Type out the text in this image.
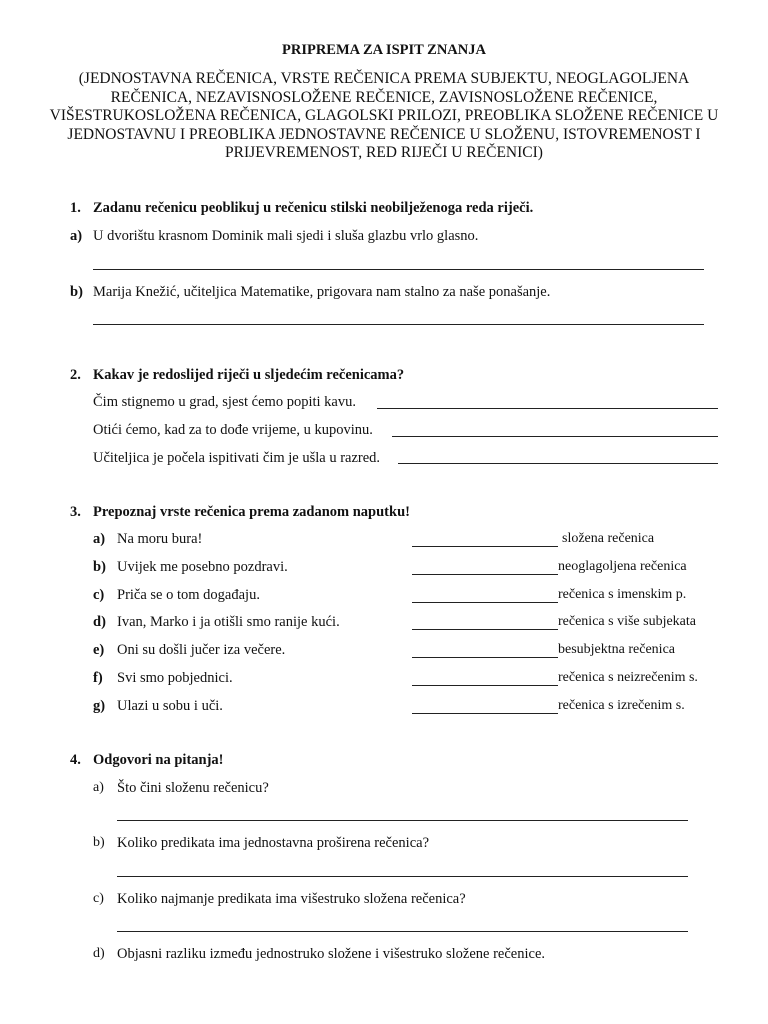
PRIPREMA ZA ISPIT ZNANJA
(JEDNOSTAVNA REČENICA, VRSTE REČENICA PREMA SUBJEKTU, NEOGLAGOLJENA REČENICA, NEZAVISNOSLOŽENE REČENICE, ZAVISNOSLOŽENE REČENICE, VIŠESTRUKOSLOŽENA REČENICA, GLAGOLSKI PRILOZI, PREOBLIKA SLOŽENE REČENICE U JEDNOSTAVNU I PREOBLIKA JEDNOSTAVNE REČENICE U SLOŽENU, ISTOVREMENOST I PRIJEVREMENOST, RED RIJEČI U REČENICI)
1. Zadanu rečenicu peoblikuj u rečenicu stilski neobilježenoga reda riječi.
a) U dvorištu krasnom Dominik mali sjedi i sluša glazbu vrlo glasno.
b) Marija Knežić, učiteljica Matematike, prigovara nam stalno za naše ponašanje.
2. Kakav je redoslijed riječi u sljedećim rečenicama?
Čim stignemo u grad, sjest ćemo popiti kavu.
Otići ćemo, kad za to dođe vrijeme, u kupovinu.
Učiteljica je počela ispitivati čim je ušla u razred.
3. Prepoznaj vrste rečenica prema zadanom naputku!
a) Na moru bura!	složena rečenica
b) Uvijek me posebno pozdravi.	neoglagoljena rečenica
c) Priča se o tom događaju.	rečenica s imenskim p.
d) Ivan, Marko i ja otišli smo ranije kući.	rečenica s više subjekata
e) Oni su došli jučer iza večere.	besubjektna rečenica
f) Svi smo pobjednici.	rečenica s neizrečenim s.
g) Ulazi u sobu i uči.	rečenica s izrečenim s.
4. Odgovori na pitanja!
a) Što čini složenu rečenicu?
b) Koliko predikata ima jednostavna proširena rečenica?
c) Koliko najmanje predikata ima višestruko složena rečenica?
d) Objasni razliku između jednostruko složene i višestruko složene rečenice.
